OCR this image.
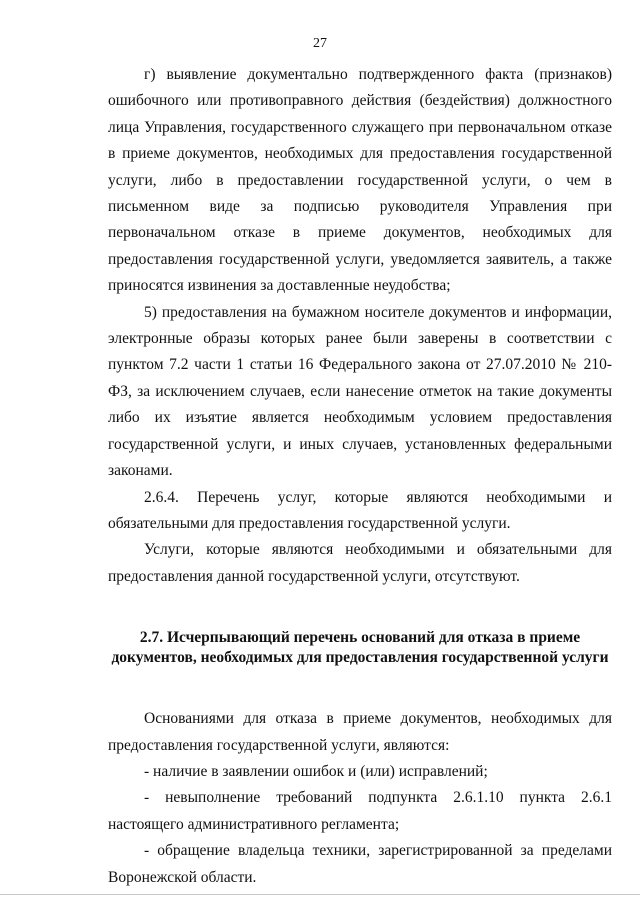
27

г) выявление документально подтвержденного факта (признаков) ошибочного или противоправного действия (бездействия) должностного лица Управления, государственного служащего при первоначальном отказе в приеме документов, необходимых для предоставления государственной услуги, либо в предоставлении государственной услуги, о чем в письменном виде за подписью руководителя Управления при первоначальном отказе в приеме документов, необходимых для предоставления государственной услуги, уведомляется заявитель, а также приносятся извинения за доставленные неудобства;

5) предоставления на бумажном носителе документов и информации, электронные образы которых ранее были заверены в соответствии с пунктом 7.2 части 1 статьи 16 Федерального закона от 27.07.2010 № 210-ФЗ, за исключением случаев, если нанесение отметок на такие документы либо их изъятие является необходимым условием предоставления государственной услуги, и иных случаев, установленных федеральными законами.

2.6.4. Перечень услуг, которые являются необходимыми и обязательными для предоставления государственной услуги.

Услуги, которые являются необходимыми и обязательными для предоставления данной государственной услуги, отсутствуют.

2.7. Исчерпывающий перечень оснований для отказа в приеме документов, необходимых для предоставления государственной услуги

Основаниями для отказа в приеме документов, необходимых для предоставления государственной услуги, являются:

- наличие в заявлении ошибок и (или) исправлений;

- невыполнение требований подпункта 2.6.1.10 пункта 2.6.1 настоящего административного регламента;

- обращение владельца техники, зарегистрированной за пределами Воронежской области.
